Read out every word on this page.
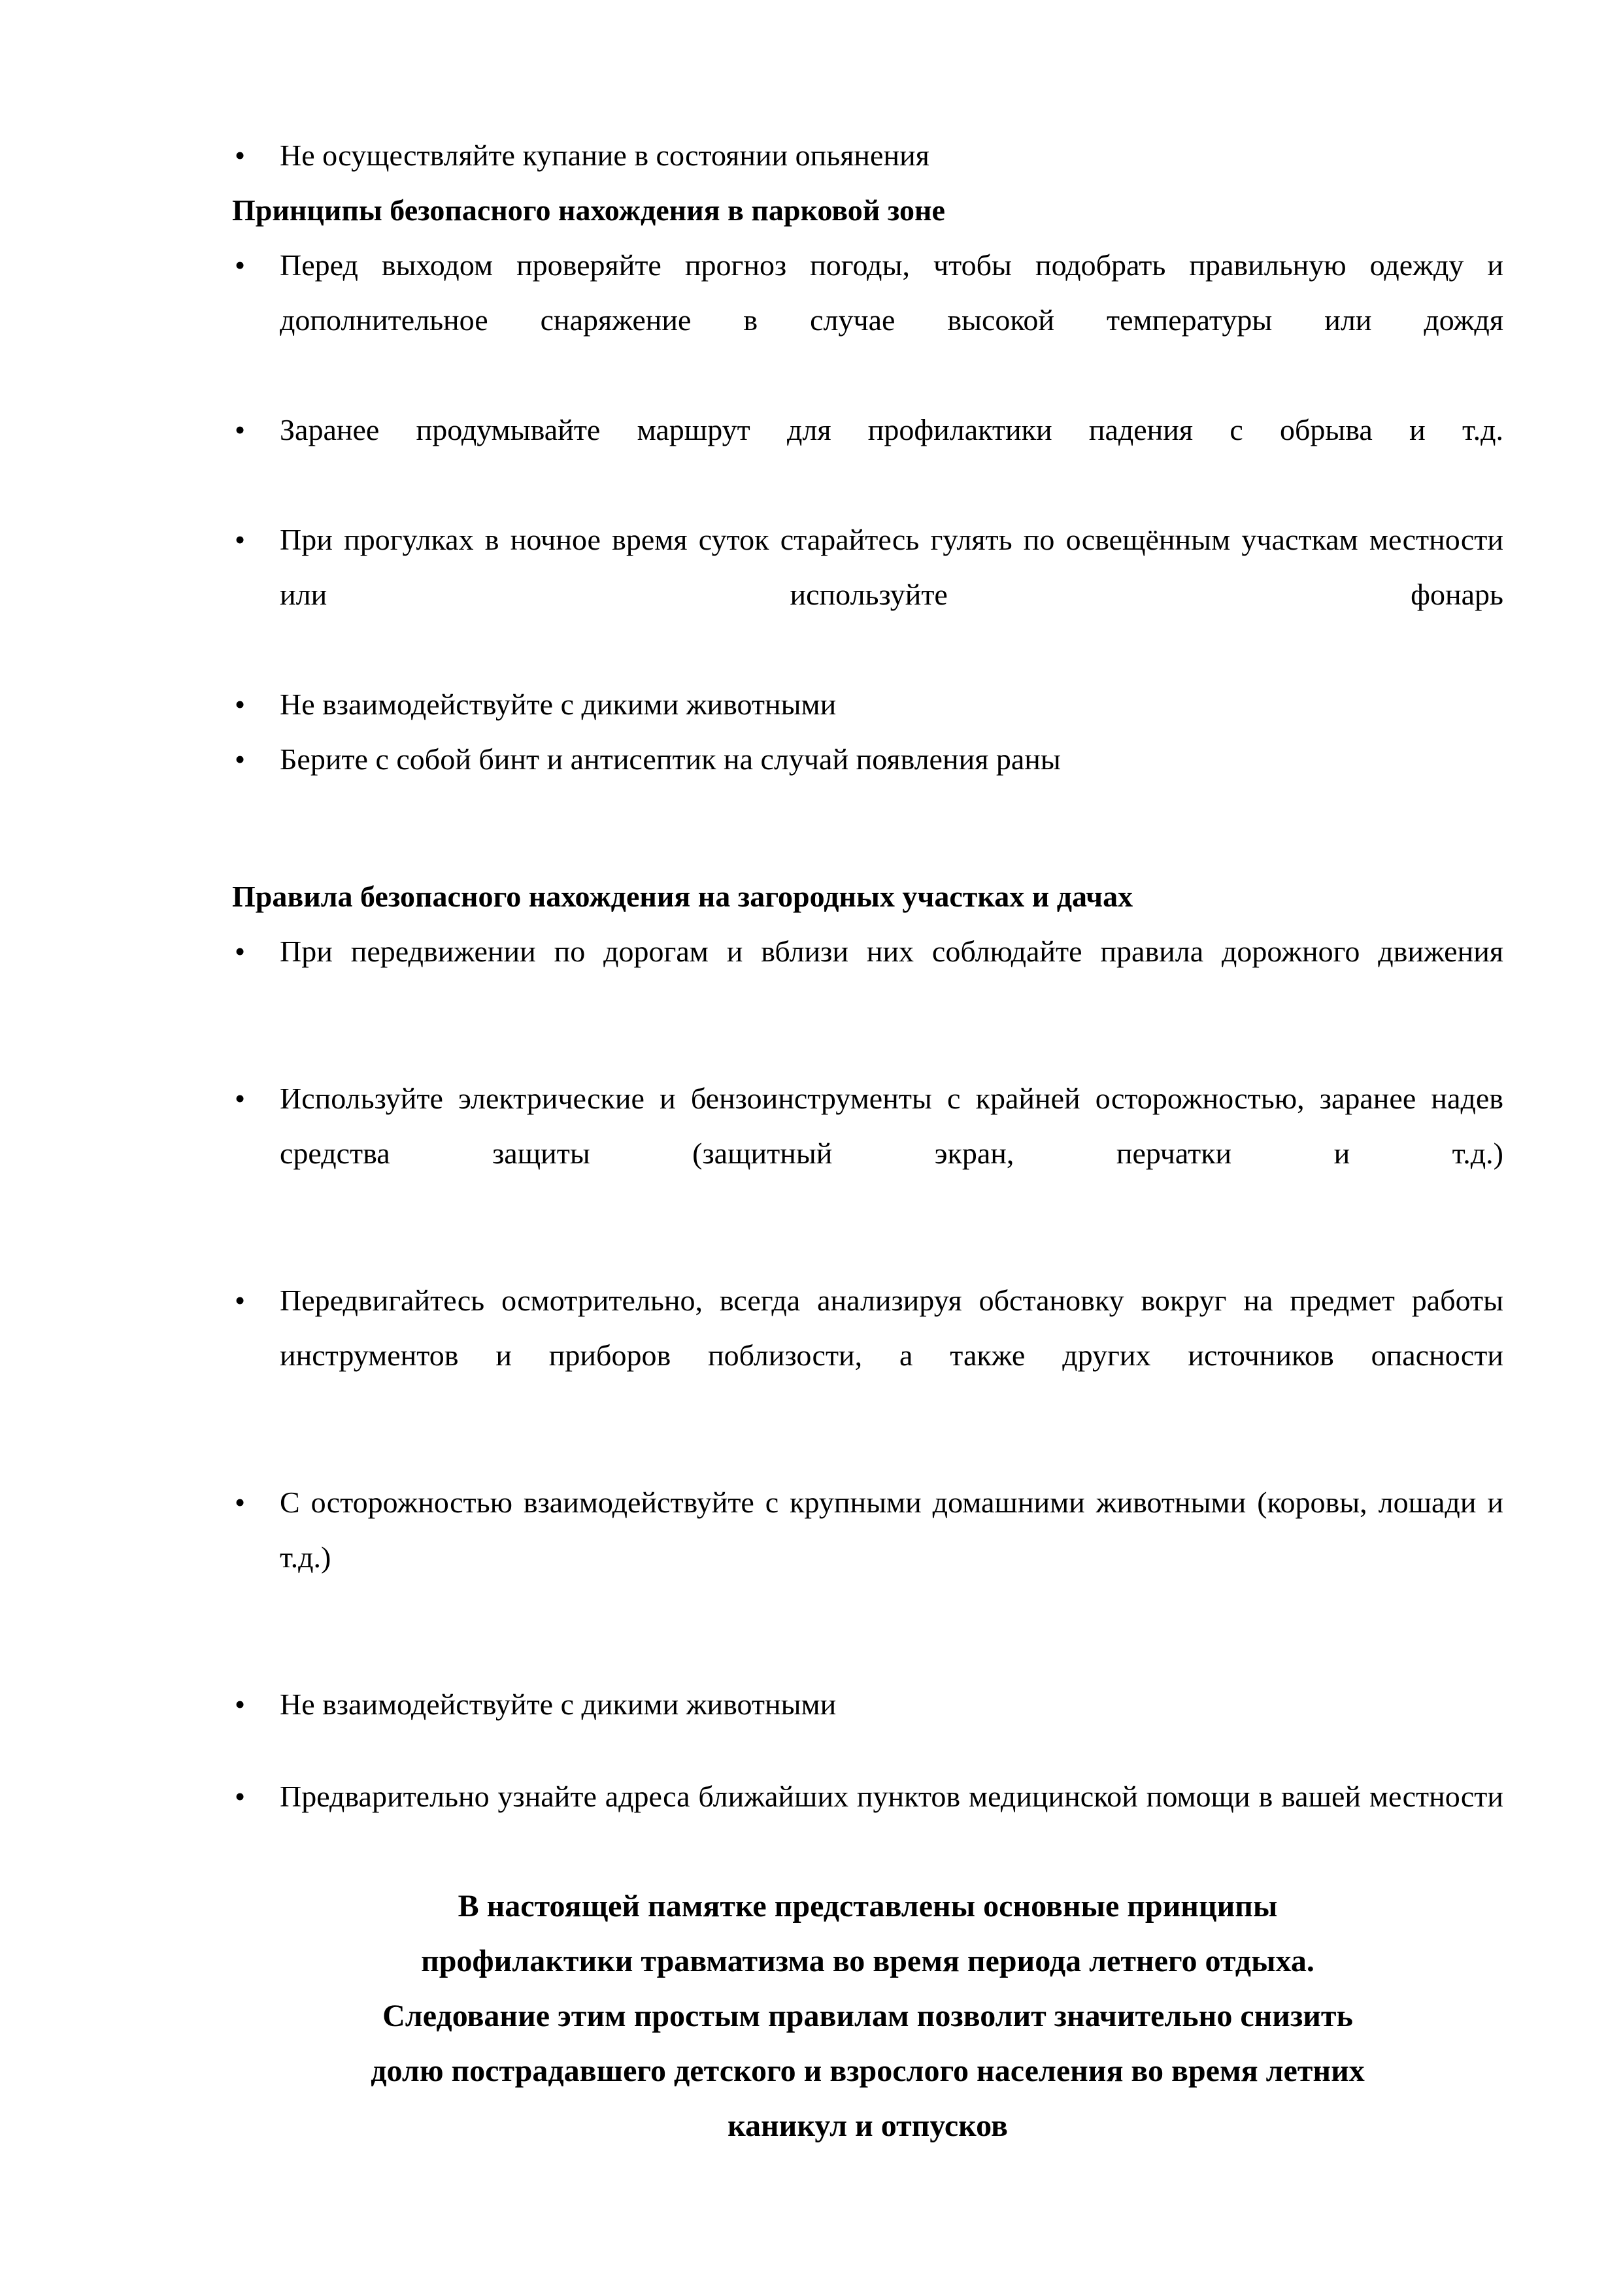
•	Не осуществляйте купание в состоянии опьянения

Принципы безопасного нахождения в парковой зоне

•	Перед выходом проверяйте прогноз погоды, чтобы подобрать правильную одежду и дополнительное снаряжение в случае высокой температуры или дождя
•	Заранее продумывайте маршрут для профилактики падения с обрыва и т.д.
•	При прогулках в ночное время суток старайтесь гулять по освещённым участкам местности или используйте фонарь
•	Не взаимодействуйте с дикими животными
•	Берите с собой бинт и антисептик на случай появления раны

Правила безопасного нахождения на загородных участках и дачах

•	При передвижении по дорогам и вблизи них соблюдайте правила дорожного движения
•	Используйте электрические и бензоинструменты с крайней осторожностью, заранее надев средства защиты (защитный экран, перчатки и т.д.)
•	Передвигайтесь осмотрительно, всегда анализируя обстановку вокруг на предмет работы инструментов и приборов поблизости, а также других источников опасности
•	С осторожностью взаимодействуйте с крупными домашними животными (коровы, лошади и т.д.)
•	Не взаимодействуйте с дикими животными
•	Предварительно узнайте адреса ближайших пунктов медицинской помощи в вашей местности

В настоящей памятке представлены основные принципы
профилактики травматизма во время периода летнего отдыха.
Следование этим простым правилам позволит значительно снизить
долю пострадавшего детского и взрослого населения во время летних
каникул и отпусков
